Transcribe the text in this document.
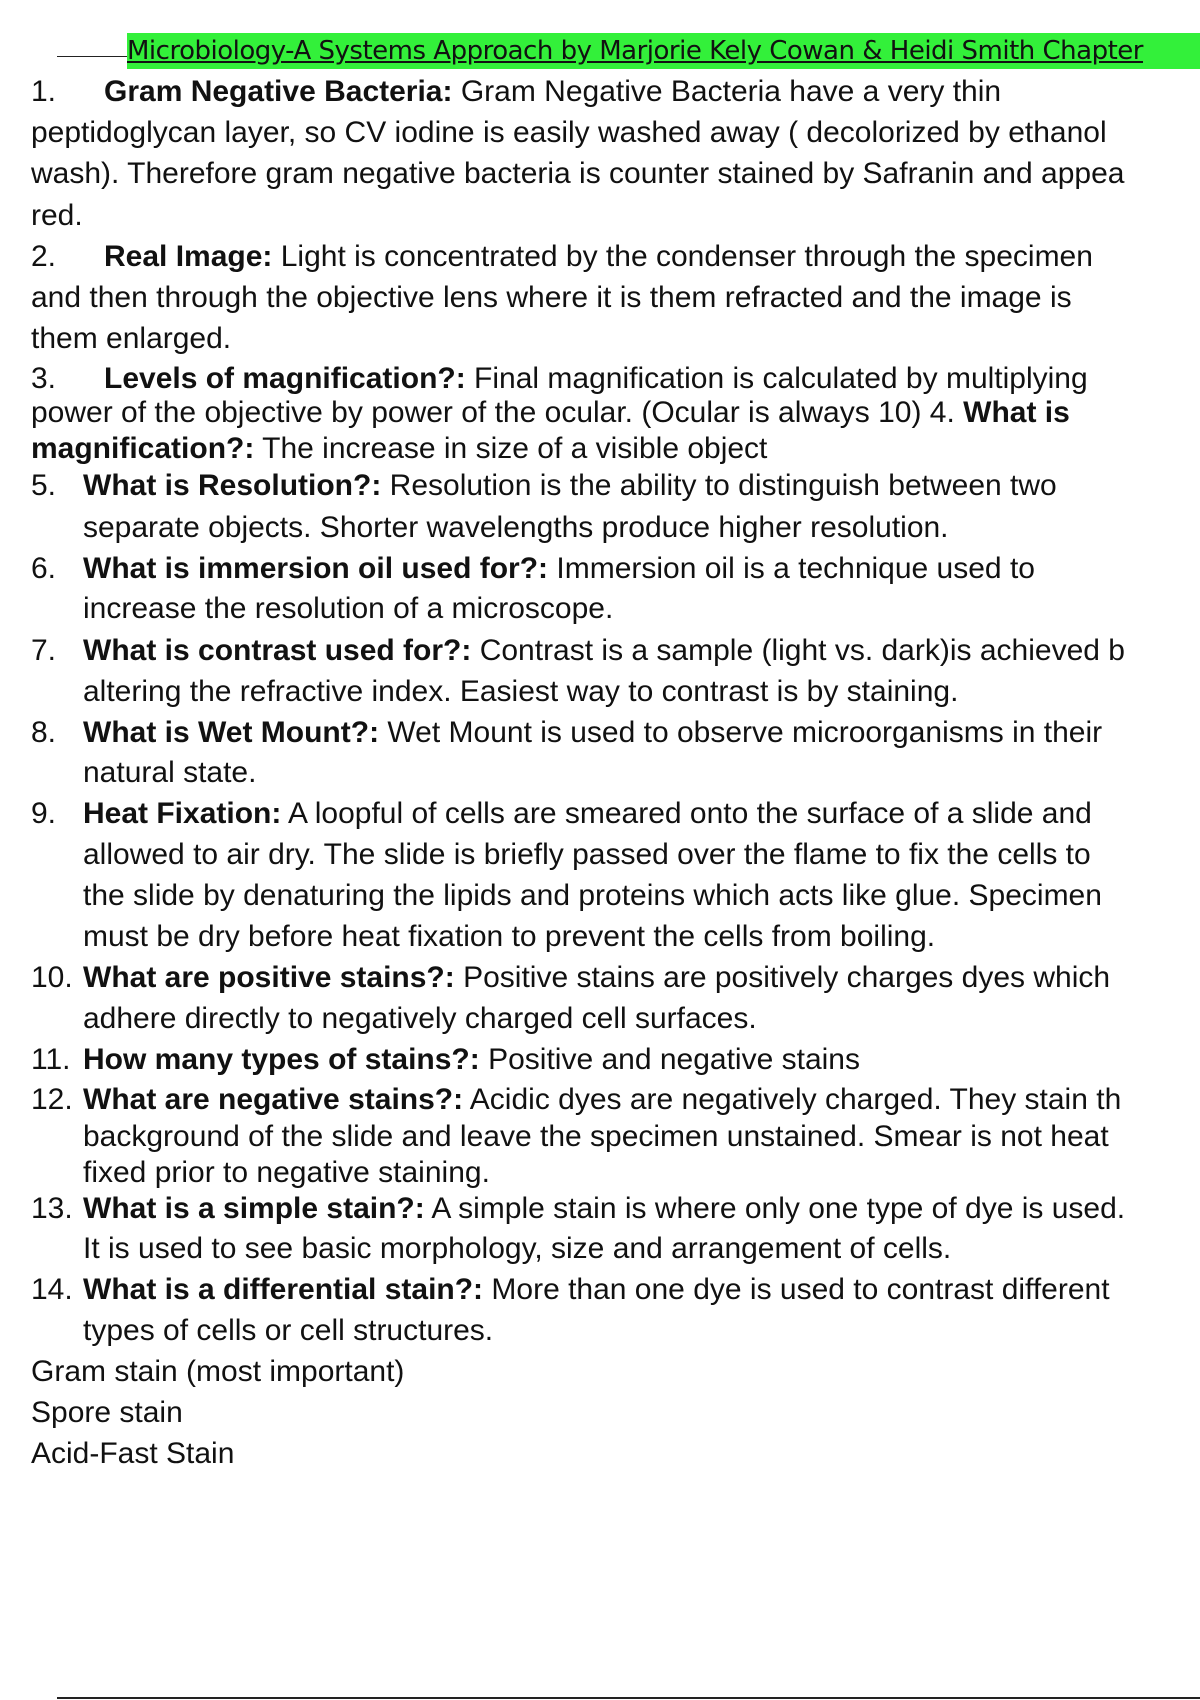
Microbiology-A Systems Approach by Marjorie Kely Cowan & Heidi Smith Chapter
1. Gram Negative Bacteria: Gram Negative Bacteria have a very thin
peptidoglycan layer, so CV iodine is easily washed away ( decolorized by ethanol
wash). Therefore gram negative bacteria is counter stained by Safranin and appea
red.
2. Real Image: Light is concentrated by the condenser through the specimen
and then through the objective lens where it is them refracted and the image is
them enlarged.
3. Levels of magnification?: Final magnification is calculated by multiplying
power of the objective by power of the ocular. (Ocular is always 10) 4. What is
magnification?: The increase in size of a visible object
5. What is Resolution?: Resolution is the ability to distinguish between two
separate objects. Shorter wavelengths produce higher resolution.
6. What is immersion oil used for?: Immersion oil is a technique used to
increase the resolution of a microscope.
7. What is contrast used for?: Contrast is a sample (light vs. dark)is achieved b
altering the refractive index. Easiest way to contrast is by staining.
8. What is Wet Mount?: Wet Mount is used to observe microorganisms in their
natural state.
9. Heat Fixation: A loopful of cells are smeared onto the surface of a slide and
allowed to air dry. The slide is briefly passed over the flame to fix the cells to
the slide by denaturing the lipids and proteins which acts like glue. Specimen
must be dry before heat fixation to prevent the cells from boiling.
10. What are positive stains?: Positive stains are positively charges dyes which
adhere directly to negatively charged cell surfaces.
11. How many types of stains?: Positive and negative stains
12. What are negative stains?: Acidic dyes are negatively charged. They stain th
background of the slide and leave the specimen unstained. Smear is not heat
fixed prior to negative staining.
13. What is a simple stain?: A simple stain is where only one type of dye is used.
It is used to see basic morphology, size and arrangement of cells.
14. What is a differential stain?: More than one dye is used to contrast different
types of cells or cell structures.
Gram stain (most important)
Spore stain
Acid-Fast Stain
